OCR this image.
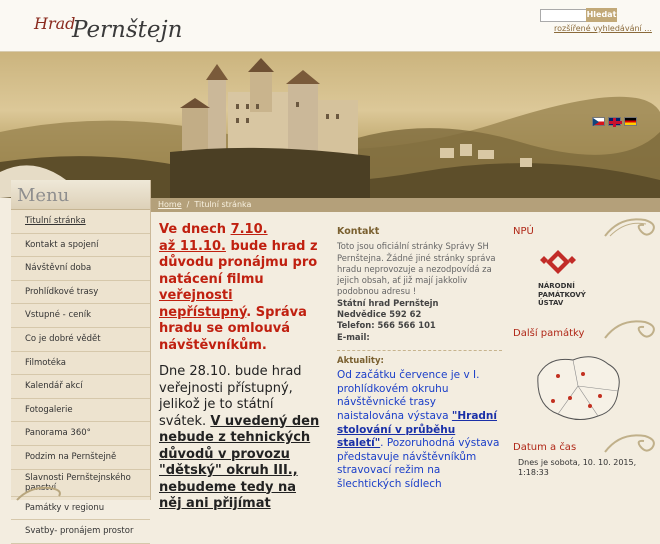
Hrad
Pernštejn
Hledat
rozšířené vyhledávání ...
Home / Titulní stránka
Menu
Titulní stránka
Kontakt a spojení
Návštěvní doba
Prohlídkové trasy
Vstupné - ceník
Co je dobré vědět
Filmotéka
Kalendář akcí
Fotogalerie
Panorama 360°
Podzim na Pernštejně
Slavnosti Pernštejnského panství
Památky v regionu
Svatby- pronájem prostor

Ve dnech 7.10.
až 11.10. bude hrad z důvodu pronájmu pro natácení filmu veřejnosti nepřístupný. Správa hradu se omlouvá návštěvníkům.

Dne 28.10. bude hrad veřejnosti přístupný, jelikož je to státní svátek. V uvedený den nebude z tehnických důvodů v provozu "dětský" okruh III., nebudeme tedy na něj ani přijímat

Kontakt
Toto jsou oficiální stránky Správy SH Pernštejna. Žádné jiné stránky správa hradu neprovozuje a nezodpovídá za jejich obsah, ať již mají jakkoliv podobnou adresu !
Státní hrad Pernštejn
Nedvědice 592 62
Telefon: 566 566 101
E-mail:
Aktuality:
Od začátku července je v I. prohlídkovém okruhu návštěvnické trasy naistalována výstava "Hradní stolování v průběhu staletí". Pozoruhodná výstava představuje návštěvníkům stravovací režim na šlechtických sídlech
NPÚ
NÁRODNÍ
PAMÁTKOVÝ
ÚSTAV
Další památky
Datum a čas
Dnes je sobota, 10. 10. 2015, 1:18:33
